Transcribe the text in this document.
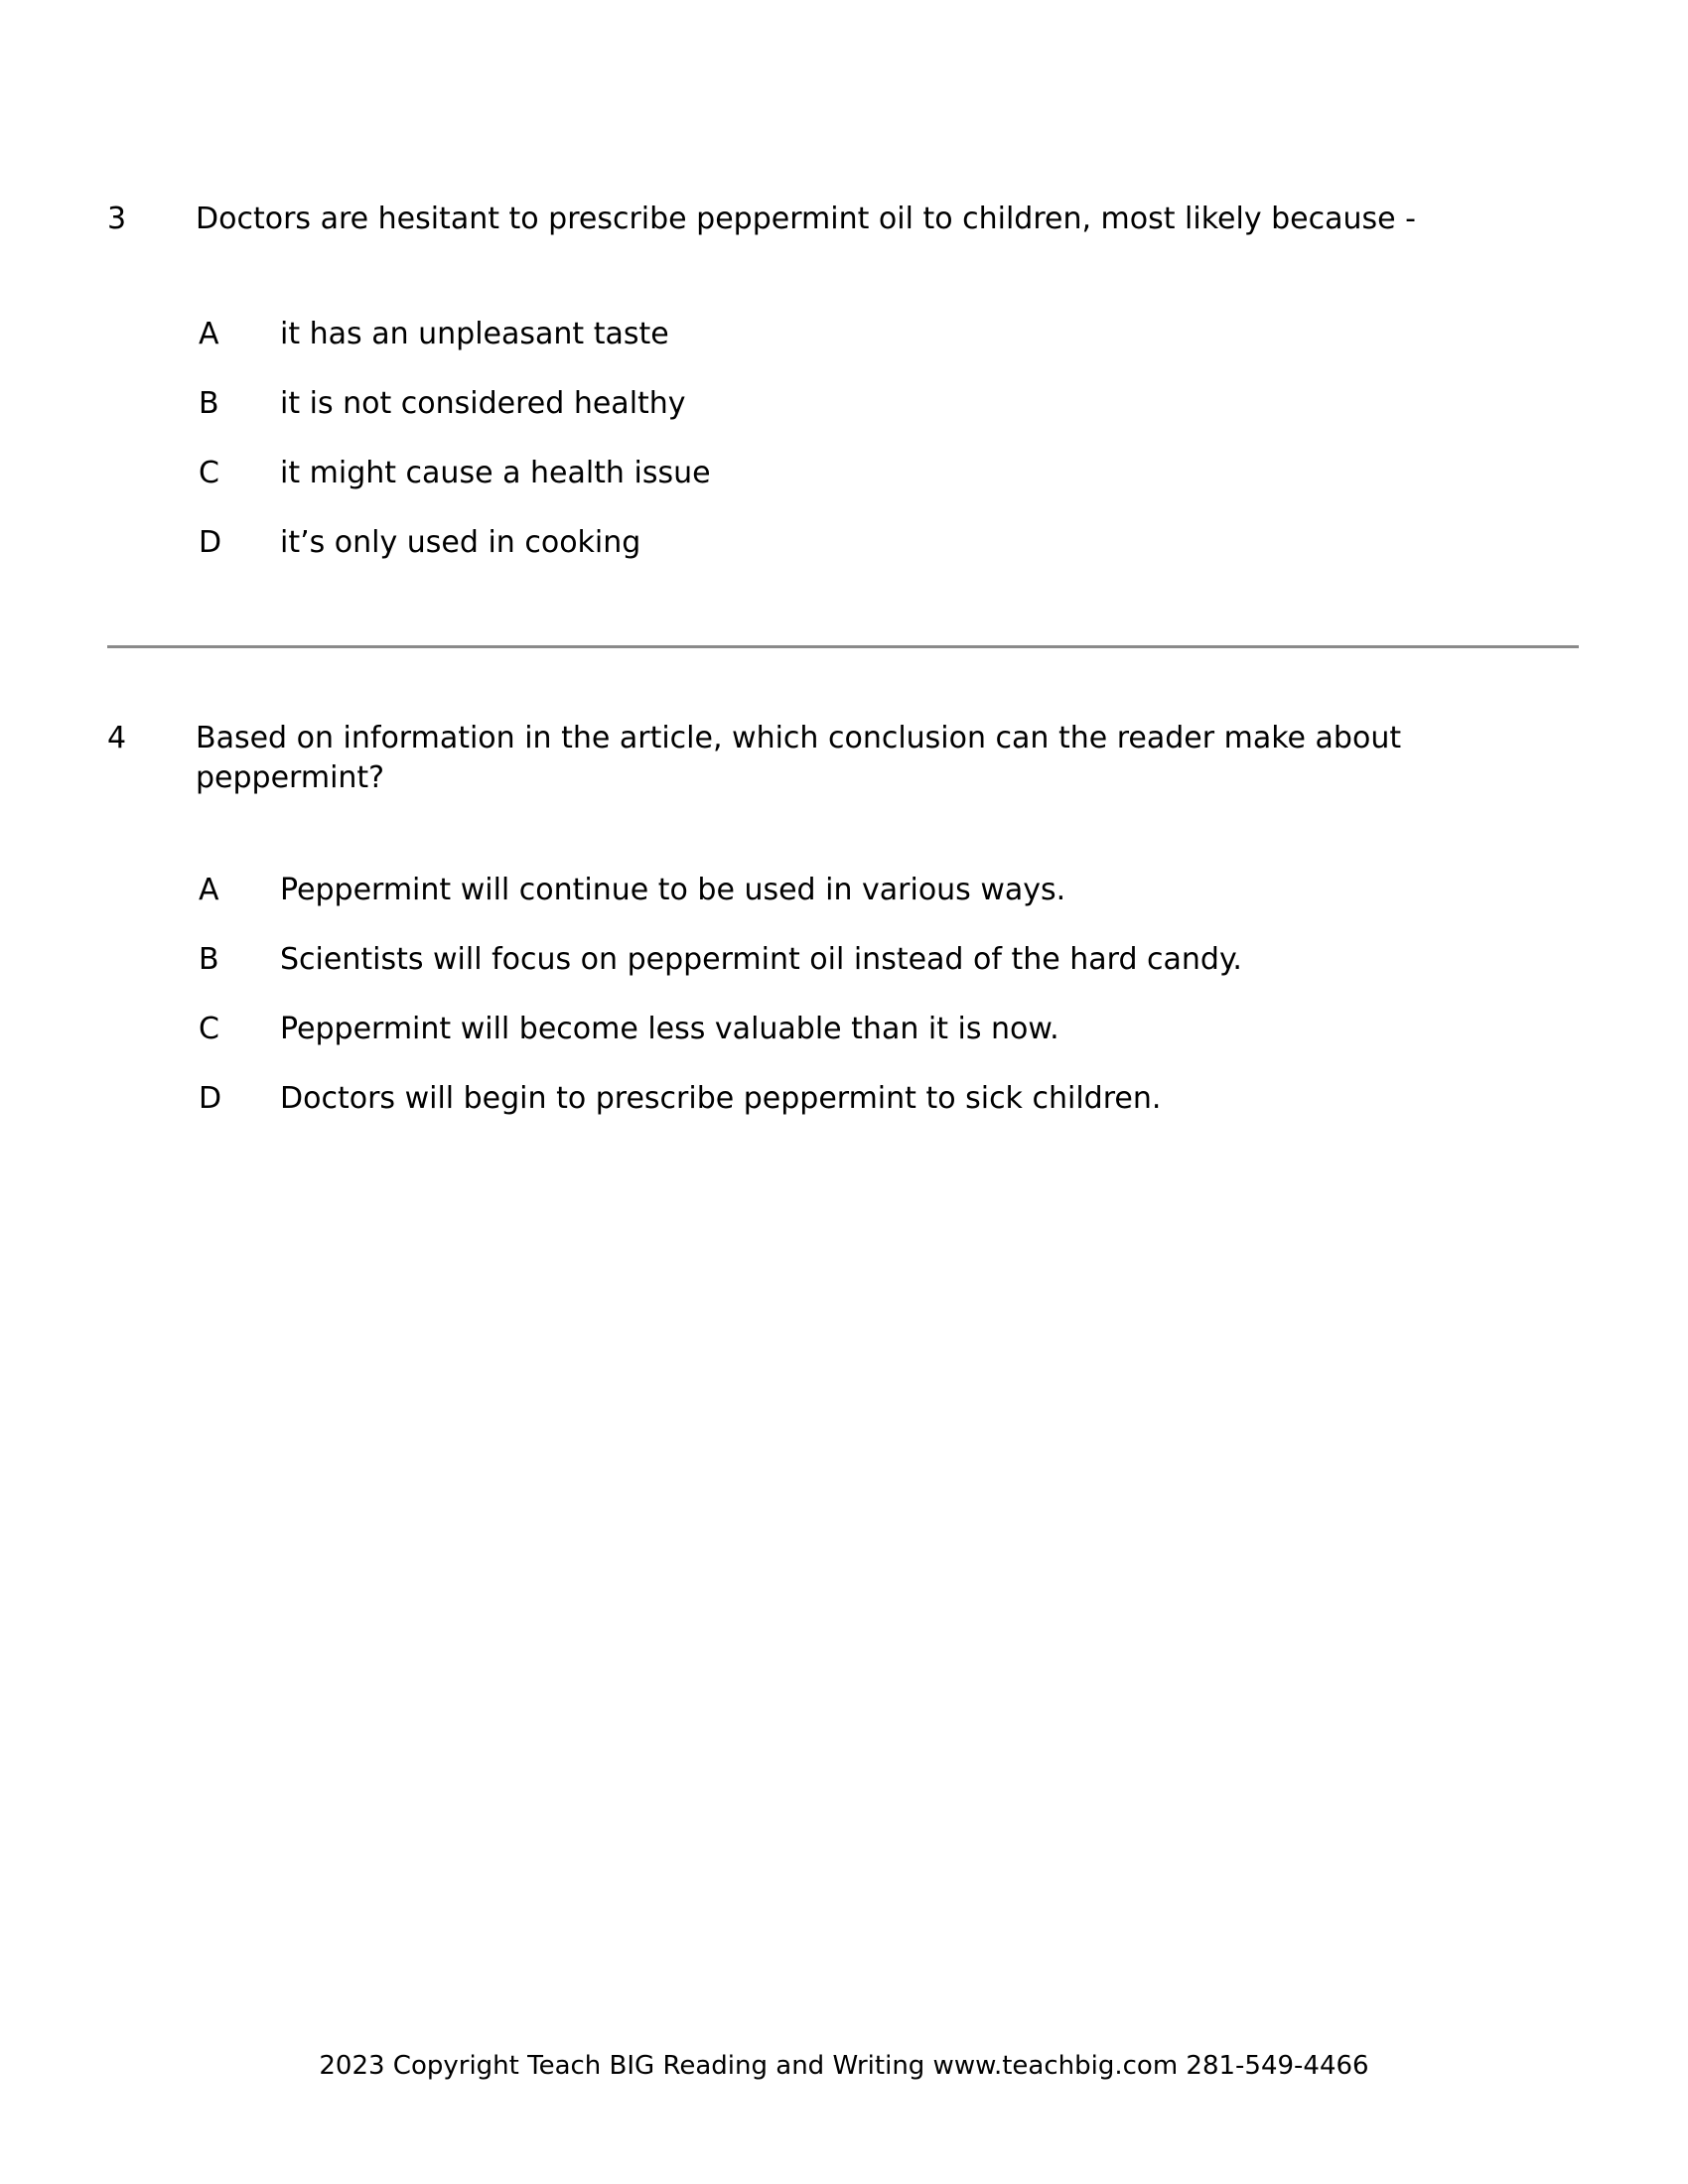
3	Doctors are hesitant to prescribe peppermint oil to children, most likely because -
A	it has an unpleasant taste
B	it is not considered healthy
C	it might cause a health issue
D	it’s only used in cooking
4	Based on information in the article, which conclusion can the reader make about peppermint?
A	Peppermint will continue to be used in various ways.
B	Scientists will focus on peppermint oil instead of the hard candy.
C	Peppermint will become less valuable than it is now.
D	Doctors will begin to prescribe peppermint to sick children.
2023 Copyright Teach BIG Reading and Writing www.teachbig.com 281-549-4466
